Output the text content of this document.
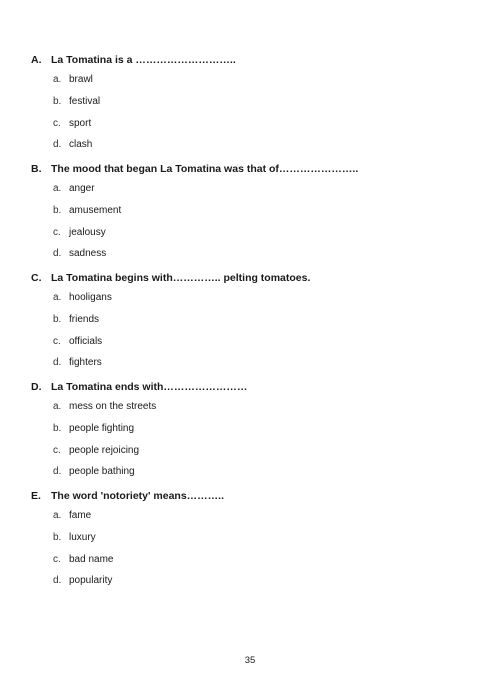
A. La Tomatina is a ………………………..
a. brawl
b. festival
c. sport
d. clash
B. The mood that began La Tomatina was that of…………………..
a. anger
b. amusement
c. jealousy
d. sadness
C. La Tomatina begins with………….. pelting tomatoes.
a. hooligans
b. friends
c. officials
d. fighters
D. La Tomatina ends with……………………
a. mess on the streets
b. people fighting
c. people rejoicing
d. people bathing
E. The word 'notoriety' means………..
a. fame
b. luxury
c. bad name
d. popularity
35
